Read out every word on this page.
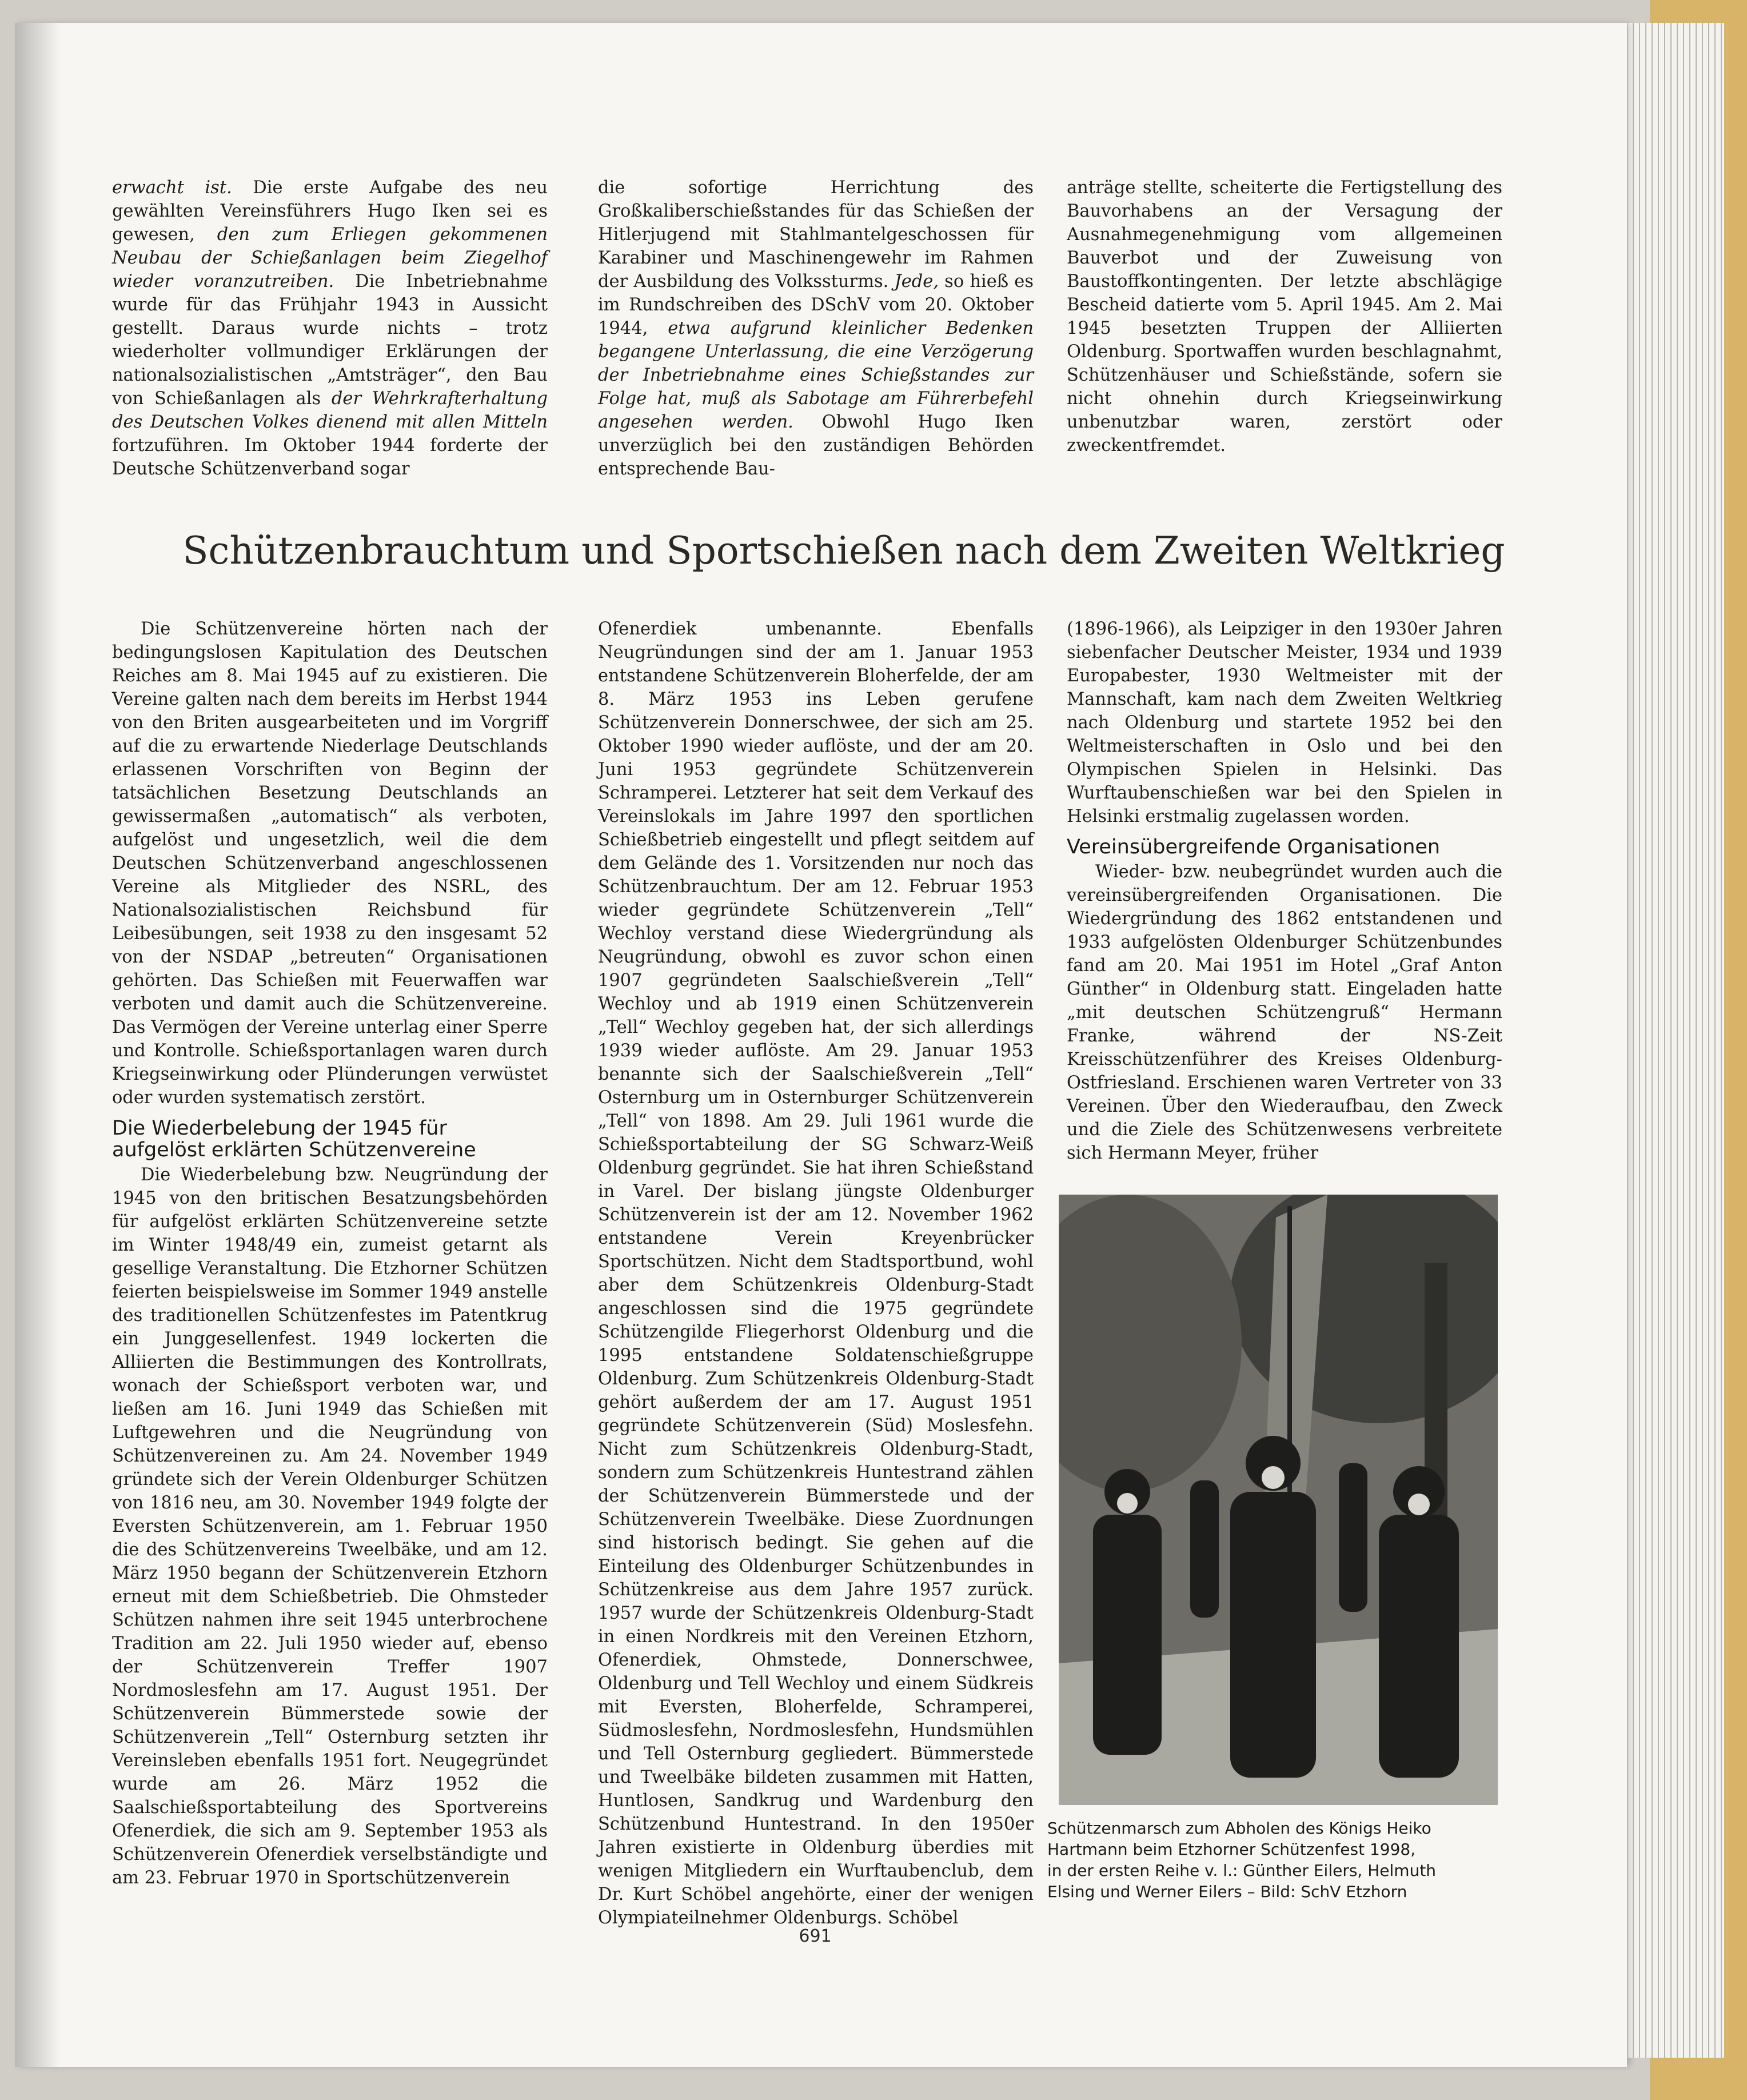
erwacht ist. Die erste Aufgabe des neu gewählten Vereinsführers Hugo Iken sei es gewesen, den zum Erliegen gekommenen Neubau der Schießanlagen beim Ziegelhof wieder voranzutreiben. Die Inbetriebnahme wurde für das Frühjahr 1943 in Aussicht gestellt. Daraus wurde nichts – trotz wiederholter vollmundiger Erklärungen der nationalsozialistischen „Amtsträger“, den Bau von Schießanlagen als der Wehrkrafterhaltung des Deutschen Volkes dienend mit allen Mitteln fortzuführen. Im Oktober 1944 forderte der Deutsche Schützenverband sogar

die sofortige Herrichtung des Großkaliberschießstandes für das Schießen der Hitlerjugend mit Stahlmantelgeschossen für Karabiner und Maschinengewehr im Rahmen der Ausbildung des Volkssturms. Jede, so hieß es im Rundschreiben des DSchV vom 20. Oktober 1944, etwa aufgrund kleinlicher Bedenken begangene Unterlassung, die eine Verzögerung der Inbetriebnahme eines Schießstandes zur Folge hat, muß als Sabotage am Führerbefehl angesehen werden. Obwohl Hugo Iken unverzüglich bei den zuständigen Behörden entsprechende Bau-

anträge stellte, scheiterte die Fertigstellung des Bauvorhabens an der Versagung der Ausnahmegenehmigung vom allgemeinen Bauverbot und der Zuweisung von Baustoffkontingenten. Der letzte abschlägige Bescheid datierte vom 5. April 1945. Am 2. Mai 1945 besetzten Truppen der Alliierten Oldenburg. Sportwaffen wurden beschlagnahmt, Schützenhäuser und Schießstände, sofern sie nicht ohnehin durch Kriegseinwirkung unbenutzbar waren, zerstört oder zweckentfremdet.

Schützenbrauchtum und Sportschießen nach dem Zweiten Weltkrieg

Die Schützenvereine hörten nach der bedingungslosen Kapitulation des Deutschen Reiches am 8. Mai 1945 auf zu existieren. Die Vereine galten nach dem bereits im Herbst 1944 von den Briten ausgearbeiteten und im Vorgriff auf die zu erwartende Niederlage Deutschlands erlassenen Vorschriften von Beginn der tatsächlichen Besetzung Deutschlands an gewissermaßen „automatisch“ als verboten, aufgelöst und ungesetzlich, weil die dem Deutschen Schützenverband angeschlossenen Vereine als Mitglieder des NSRL, des Nationalsozialistischen Reichsbund für Leibesübungen, seit 1938 zu den insgesamt 52 von der NSDAP „betreuten“ Organisationen gehörten. Das Schießen mit Feuerwaffen war verboten und damit auch die Schützenvereine. Das Vermögen der Vereine unterlag einer Sperre und Kontrolle. Schießsportanlagen waren durch Kriegseinwirkung oder Plünderungen verwüstet oder wurden systematisch zerstört.

Die Wiederbelebung der 1945 für
aufgelöst erklärten Schützenvereine

Die Wiederbelebung bzw. Neugründung der 1945 von den britischen Besatzungsbehörden für aufgelöst erklärten Schützenvereine setzte im Winter 1948/49 ein, zumeist getarnt als gesellige Veranstaltung. Die Etzhorner Schützen feierten beispielsweise im Sommer 1949 anstelle des traditionellen Schützenfestes im Patentkrug ein Junggesellenfest. 1949 lockerten die Alliierten die Bestimmungen des Kontrollrats, wonach der Schießsport verboten war, und ließen am 16. Juni 1949 das Schießen mit Luftgewehren und die Neugründung von Schützenvereinen zu. Am 24. November 1949 gründete sich der Verein Oldenburger Schützen von 1816 neu, am 30. November 1949 folgte der Eversten Schützenverein, am 1. Februar 1950 die des Schützenvereins Tweelbäke, und am 12. März 1950 begann der Schützenverein Etzhorn erneut mit dem Schießbetrieb. Die Ohmsteder Schützen nahmen ihre seit 1945 unterbrochene Tradition am 22. Juli 1950 wieder auf, ebenso der Schützenverein Treffer 1907 Nordmoslesfehn am 17. August 1951. Der Schützenverein Bümmerstede sowie der Schützenverein „Tell“ Osternburg setzten ihr Vereinsleben ebenfalls 1951 fort. Neugegründet wurde am 26. März 1952 die Saalschießsportabteilung des Sportvereins Ofenerdiek, die sich am 9. September 1953 als Schützenverein Ofenerdiek verselbständigte und am 23. Februar 1970 in Sportschützenverein

Ofenerdiek umbenannte. Ebenfalls Neugründungen sind der am 1. Januar 1953 entstandene Schützenverein Bloherfelde, der am 8. März 1953 ins Leben gerufene Schützenverein Donnerschwee, der sich am 25. Oktober 1990 wieder auflöste, und der am 20. Juni 1953 gegründete Schützenverein Schramperei. Letzterer hat seit dem Verkauf des Vereinslokals im Jahre 1997 den sportlichen Schießbetrieb eingestellt und pflegt seitdem auf dem Gelände des 1. Vorsitzenden nur noch das Schützenbrauchtum. Der am 12. Februar 1953 wieder gegründete Schützenverein „Tell“ Wechloy verstand diese Wiedergründung als Neugründung, obwohl es zuvor schon einen 1907 gegründeten Saalschießverein „Tell“ Wechloy und ab 1919 einen Schützenverein „Tell“ Wechloy gegeben hat, der sich allerdings 1939 wieder auflöste. Am 29. Januar 1953 benannte sich der Saalschießverein „Tell“ Osternburg um in Osternburger Schützenverein „Tell“ von 1898. Am 29. Juli 1961 wurde die Schießsportabteilung der SG Schwarz-Weiß Oldenburg gegründet. Sie hat ihren Schießstand in Varel. Der bislang jüngste Oldenburger Schützenverein ist der am 12. November 1962 entstandene Verein Kreyenbrücker Sportschützen. Nicht dem Stadtsportbund, wohl aber dem Schützenkreis Oldenburg-Stadt angeschlossen sind die 1975 gegründete Schützengilde Fliegerhorst Oldenburg und die 1995 entstandene Soldatenschießgruppe Oldenburg. Zum Schützenkreis Oldenburg-Stadt gehört außerdem der am 17. August 1951 gegründete Schützenverein (Süd) Moslesfehn. Nicht zum Schützenkreis Oldenburg-Stadt, sondern zum Schützenkreis Huntestrand zählen der Schützenverein Bümmerstede und der Schützenverein Tweelbäke. Diese Zuordnungen sind historisch bedingt. Sie gehen auf die Einteilung des Oldenburger Schützenbundes in Schützenkreise aus dem Jahre 1957 zurück. 1957 wurde der Schützenkreis Oldenburg-Stadt in einen Nordkreis mit den Vereinen Etzhorn, Ofenerdiek, Ohmstede, Donnerschwee, Oldenburg und Tell Wechloy und einem Südkreis mit Eversten, Bloherfelde, Schramperei, Südmoslesfehn, Nordmoslesfehn, Hundsmühlen und Tell Osternburg gegliedert. Bümmerstede und Tweelbäke bildeten zusammen mit Hatten, Huntlosen, Sandkrug und Wardenburg den Schützenbund Huntestrand. In den 1950er Jahren existierte in Oldenburg überdies mit wenigen Mitgliedern ein Wurftaubenclub, dem Dr. Kurt Schöbel angehörte, einer der wenigen Olympiateilnehmer Oldenburgs. Schöbel

(1896-1966), als Leipziger in den 1930er Jahren siebenfacher Deutscher Meister, 1934 und 1939 Europabester, 1930 Weltmeister mit der Mannschaft, kam nach dem Zweiten Weltkrieg nach Oldenburg und startete 1952 bei den Weltmeisterschaften in Oslo und bei den Olympischen Spielen in Helsinki. Das Wurftaubenschießen war bei den Spielen in Helsinki erstmalig zugelassen worden.

Vereinsübergreifende Organisationen

Wieder- bzw. neubegründet wurden auch die vereinsübergreifenden Organisationen. Die Wiedergründung des 1862 entstandenen und 1933 aufgelösten Oldenburger Schützenbundes fand am 20. Mai 1951 im Hotel „Graf Anton Günther“ in Oldenburg statt. Eingeladen hatte „mit deutschen Schützengruß“ Hermann Franke, während der NS-Zeit Kreisschützenführer des Kreises Oldenburg-Ostfriesland. Erschienen waren Vertreter von 33 Vereinen. Über den Wiederaufbau, den Zweck und die Ziele des Schützenwesens verbreitete sich Hermann Meyer, früher

Schützenmarsch zum Abholen des Königs Heiko
Hartmann beim Etzhorner Schützenfest 1998,
in der ersten Reihe v. l.: Günther Eilers, Helmuth
Elsing und Werner Eilers – Bild: SchV Etzhorn
691
